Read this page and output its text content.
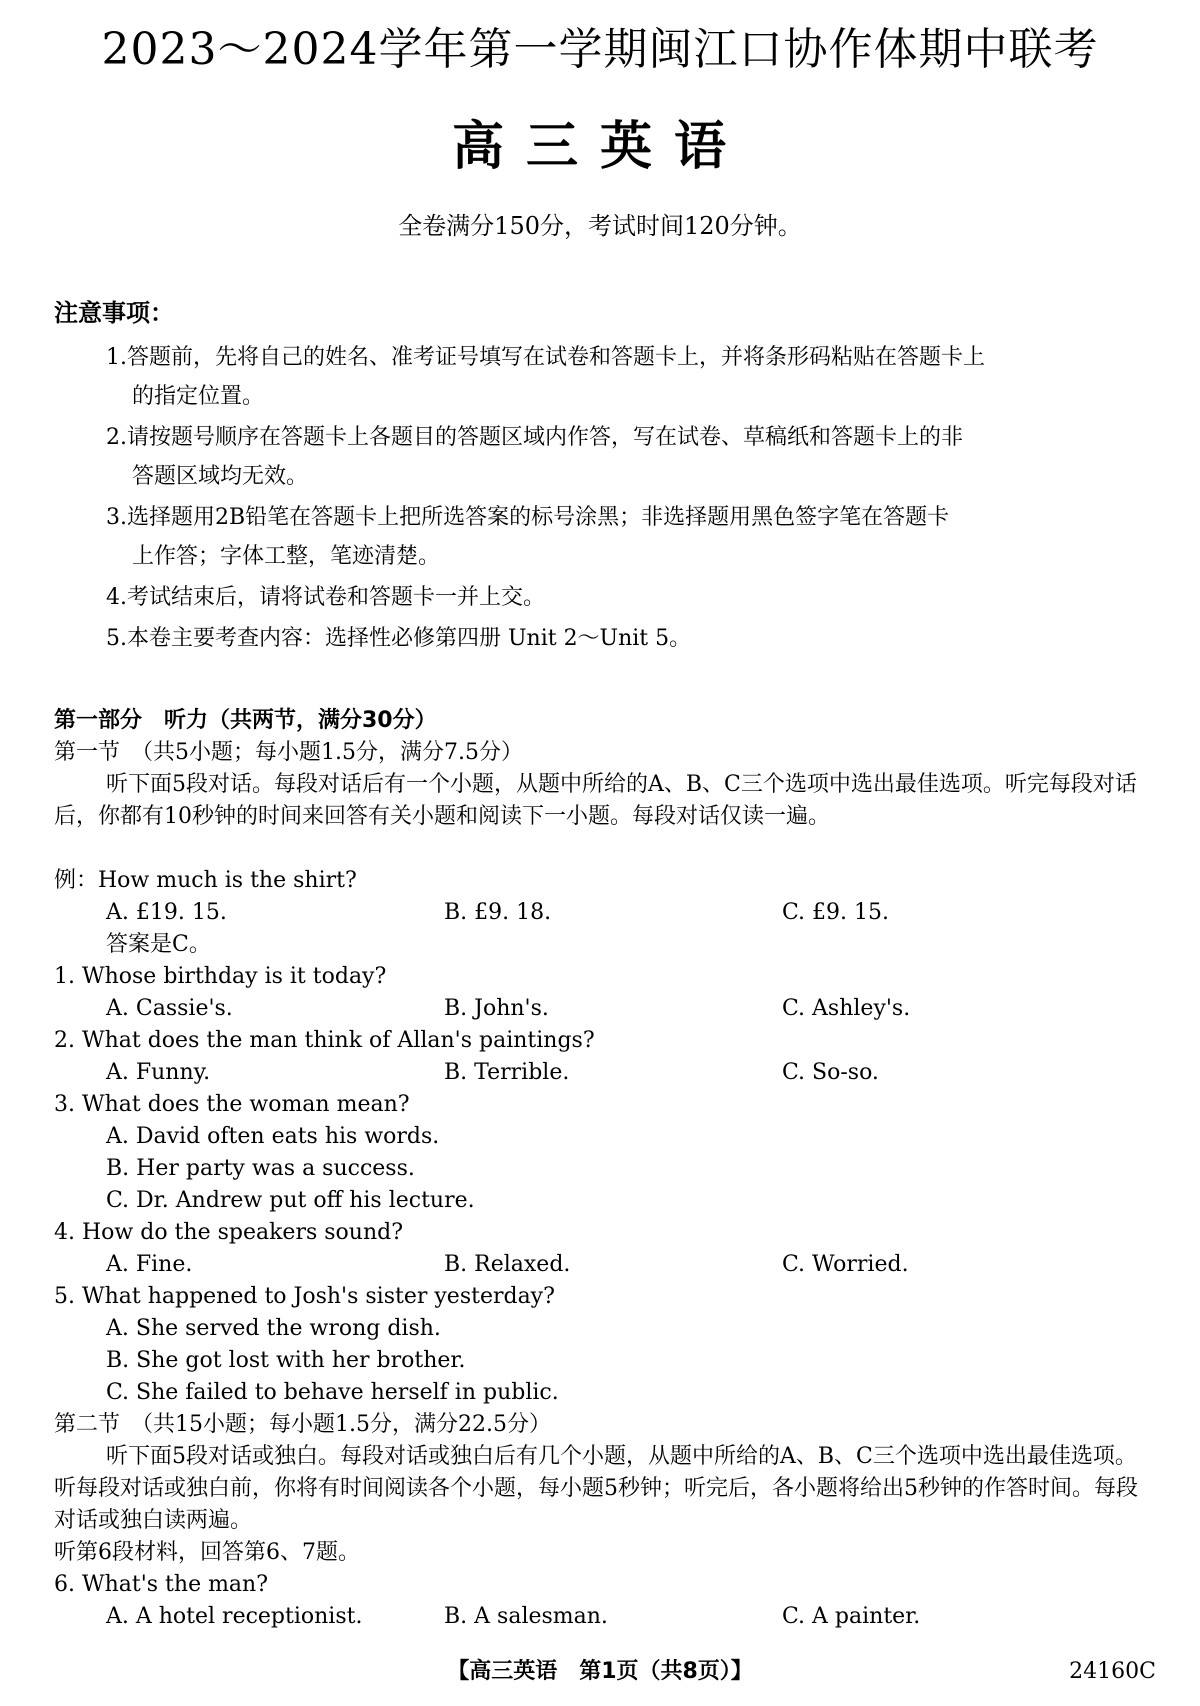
2023～2024学年第一学期闽江口协作体期中联考
高三英语
全卷满分150分，考试时间120分钟。
注意事项：
1.答题前，先将自己的姓名、准考证号填写在试卷和答题卡上，并将条形码粘贴在答题卡上
的指定位置。
2.请按题号顺序在答题卡上各题目的答题区域内作答，写在试卷、草稿纸和答题卡上的非
答题区域均无效。
3.选择题用2B铅笔在答题卡上把所选答案的标号涂黑；非选择题用黑色签字笔在答题卡
上作答；字体工整，笔迹清楚。
4.考试结束后，请将试卷和答题卡一并上交。
5.本卷主要考查内容：选择性必修第四册 Unit 2～Unit 5。
第一部分　听力（共两节，满分30分）
第一节　（共5小题；每小题1.5分，满分7.5分）
听下面5段对话。每段对话后有一个小题，从题中所给的A、B、C三个选项中选出最佳选项。听完每段对话后，你都有10秒钟的时间来回答有关小题和阅读下一小题。每段对话仅读一遍。
例：How much is the shirt?
A. £19. 15.	B. £9. 18.	C. £9. 15.
答案是C。
1. Whose birthday is it today?
A. Cassie's.	B. John's.	C. Ashley's.
2. What does the man think of Allan's paintings?
A. Funny.	B. Terrible.	C. So-so.
3. What does the woman mean?
A. David often eats his words.
B. Her party was a success.
C. Dr. Andrew put off his lecture.
4. How do the speakers sound?
A. Fine.	B. Relaxed.	C. Worried.
5. What happened to Josh's sister yesterday?
A. She served the wrong dish.
B. She got lost with her brother.
C. She failed to behave herself in public.
第二节　（共15小题；每小题1.5分，满分22.5分）
听下面5段对话或独白。每段对话或独白后有几个小题，从题中所给的A、B、C三个选项中选出最佳选项。听每段对话或独白前，你将有时间阅读各个小题，每小题5秒钟；听完后，各小题将给出5秒钟的作答时间。每段对话或独白读两遍。
听第6段材料，回答第6、7题。
6. What's the man?
A. A hotel receptionist.	B. A salesman.	C. A painter.
【高三英语　第1页（共8页）】	24160C
